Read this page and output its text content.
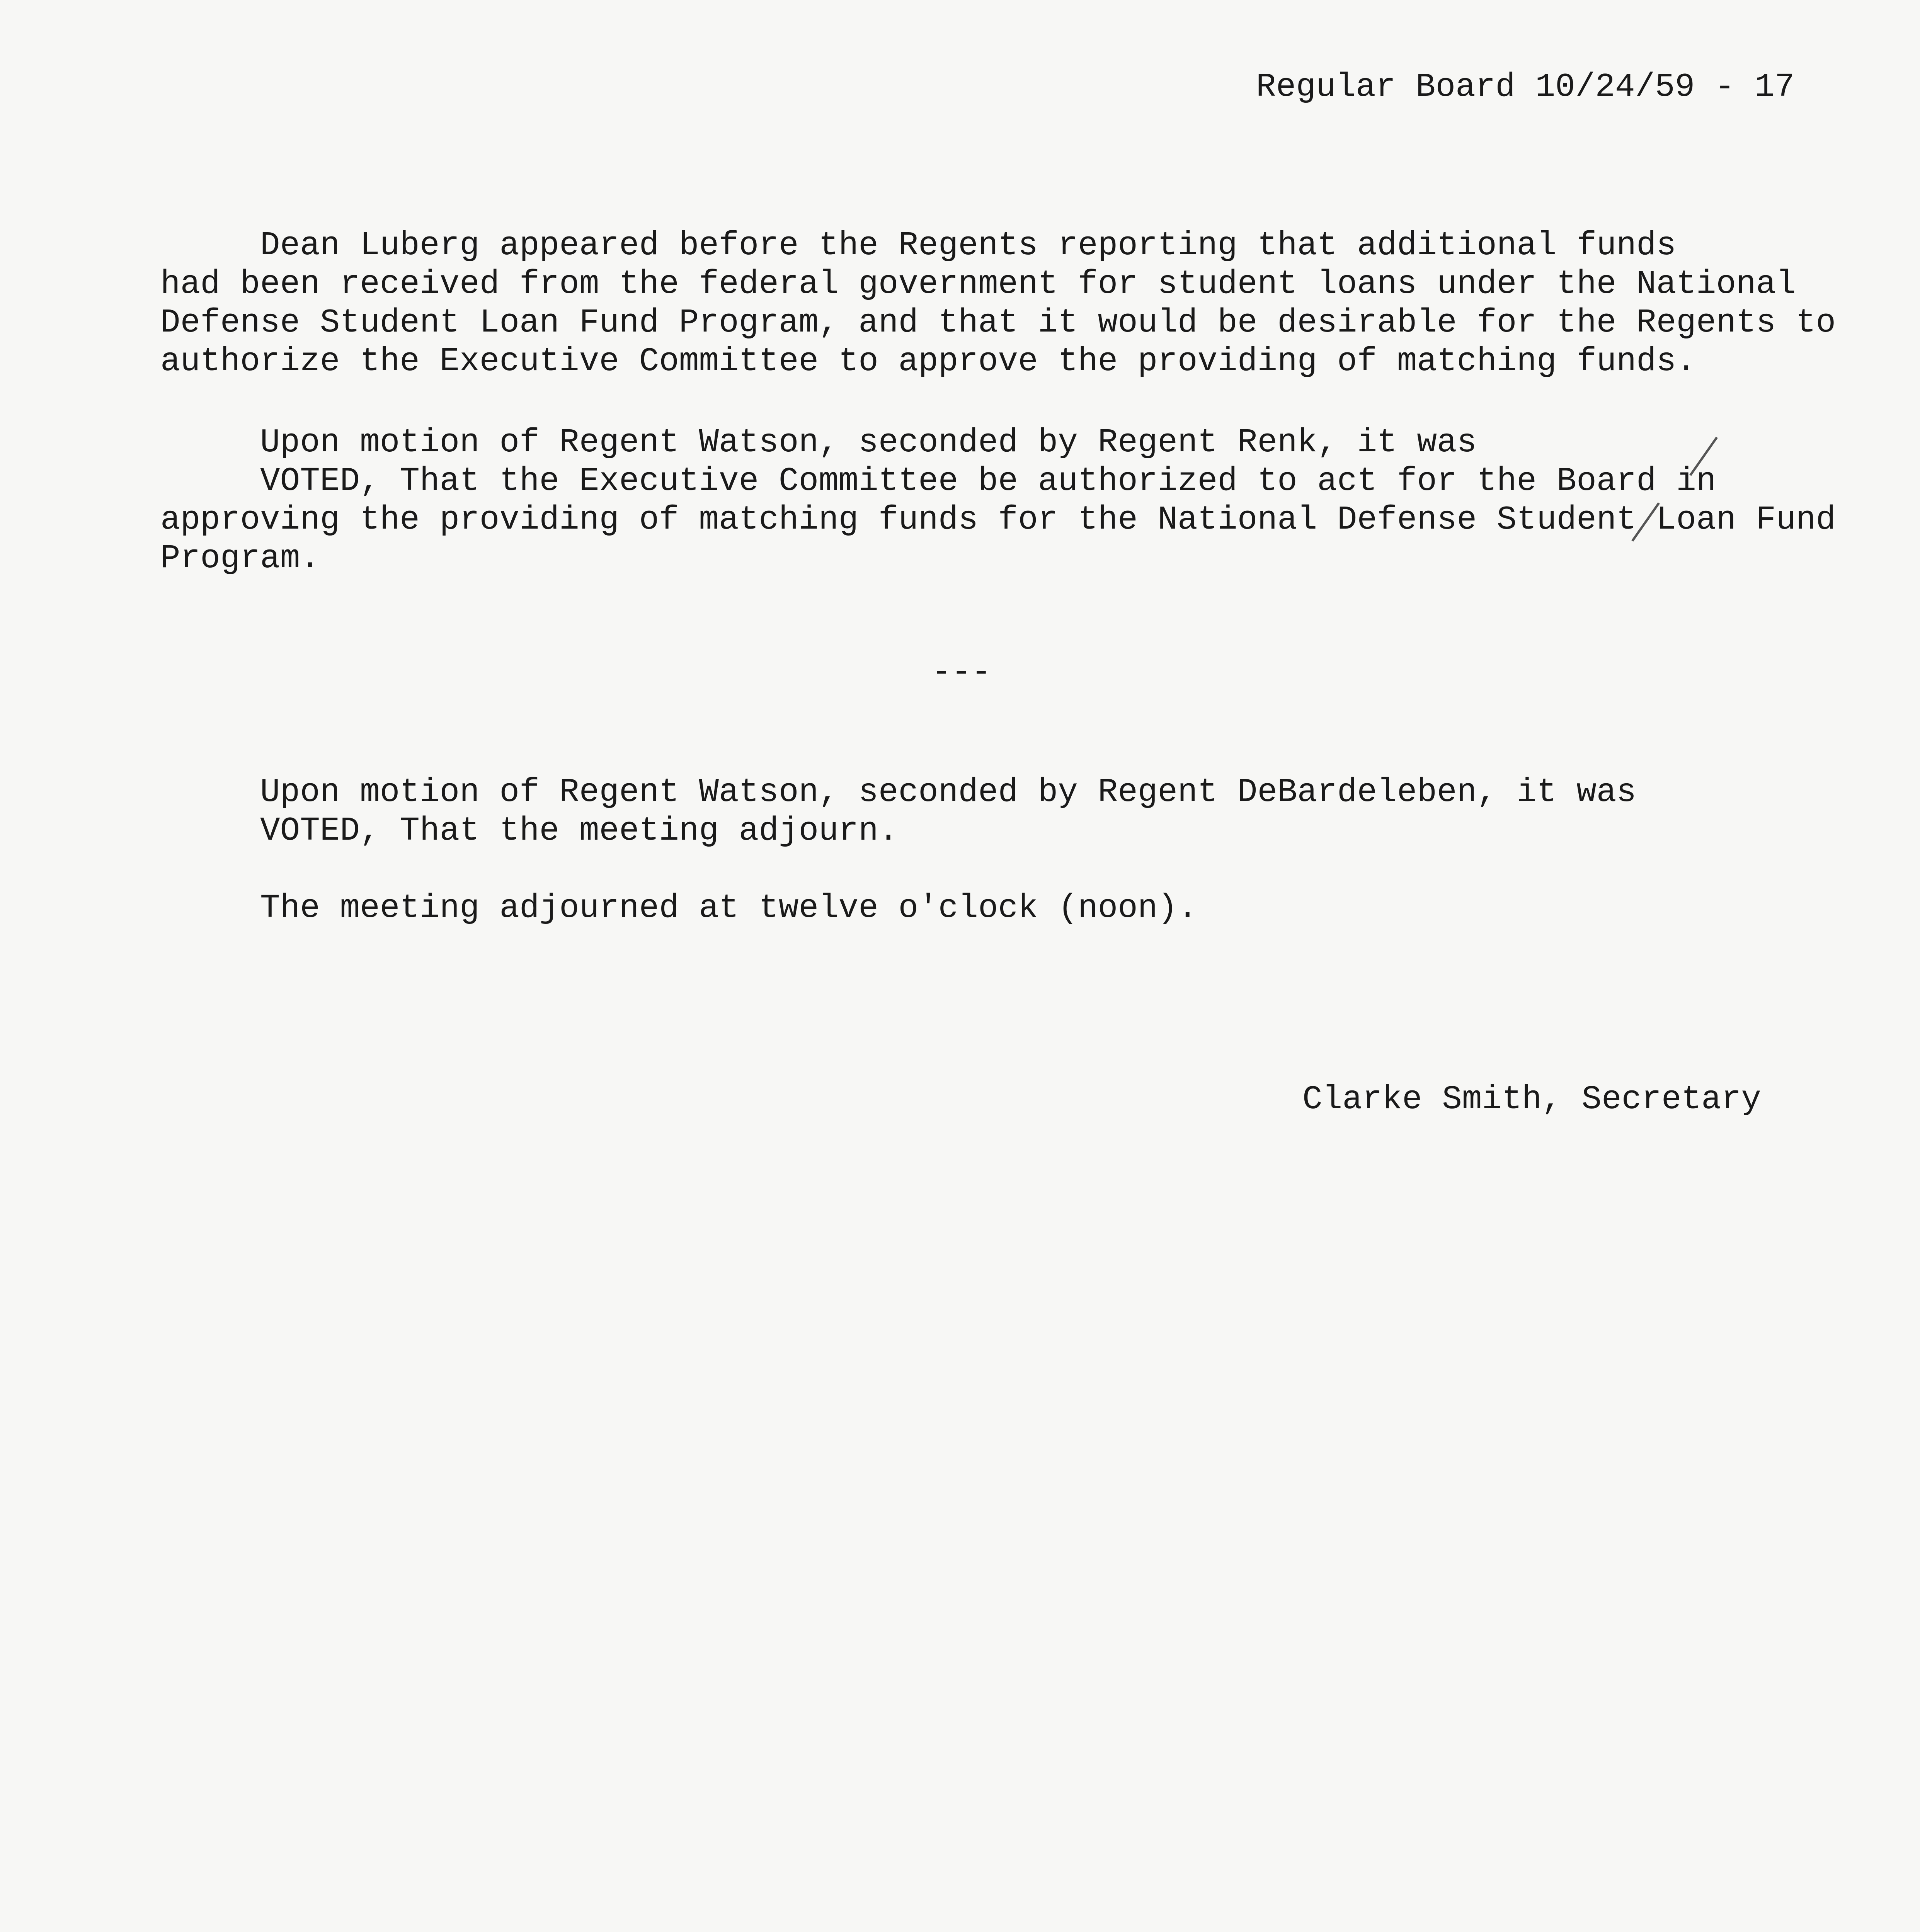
Regular Board 10/24/59 - 17
Dean Luberg appeared before the Regents reporting that additional funds
had been received from the federal government for student loans under the National
Defense Student Loan Fund Program, and that it would be desirable for the Regents to
authorize the Executive Committee to approve the providing of matching funds.
Upon motion of Regent Watson, seconded by Regent Renk, it was
VOTED, That the Executive Committee be authorized to act for the Board in
approving the providing of matching funds for the National Defense Student Loan Fund
Program.
---
Upon motion of Regent Watson, seconded by Regent DeBardeleben, it was
VOTED, That the meeting adjourn.
The meeting adjourned at twelve o'clock (noon).
Clarke Smith, Secretary
